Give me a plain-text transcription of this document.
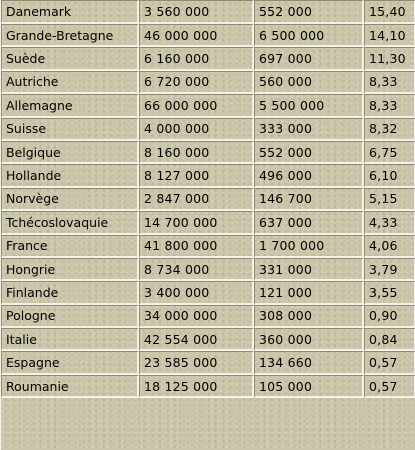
Danemark	3 560 000	552 000	15,40
Grande-Bretagne	46 000 000	6 500 000	14,10
Suède	6 160 000	697 000	11,30
Autriche	6 720 000	560 000	8,33
Allemagne	66 000 000	5 500 000	8,33
Suisse	4 000 000	333 000	8,32
Belgique	8 160 000	552 000	6,75
Hollande	8 127 000	496 000	6,10
Norvège	2 847 000	146 700	5,15
Tchécoslovaquie	14 700 000	637 000	4,33
France	41 800 000	1 700 000	4,06
Hongrie	8 734 000	331 000	3,79
Finlande	3 400 000	121 000	3,55
Pologne	34 000 000	308 000	0,90
Italie	42 554 000	360 000	0,84
Espagne	23 585 000	134 660	0,57
Roumanie	18 125 000	105 000	0,57
